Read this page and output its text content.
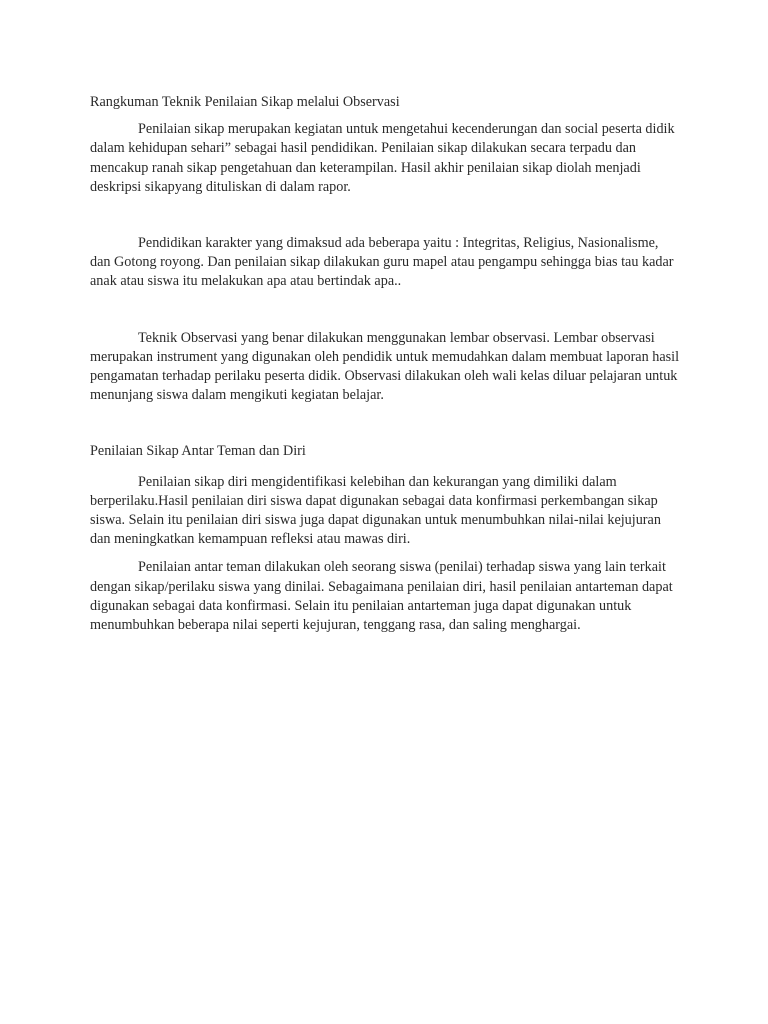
Rangkuman Teknik Penilaian Sikap melalui Observasi

Penilaian sikap merupakan kegiatan untuk mengetahui kecenderungan dan social peserta didik dalam kehidupan sehari” sebagai hasil pendidikan. Penilaian sikap dilakukan secara terpadu dan mencakup ranah sikap pengetahuan dan keterampilan. Hasil akhir penilaian sikap diolah menjadi deskripsi sikapyang dituliskan di dalam rapor.

Pendidikan karakter yang dimaksud ada beberapa yaitu : Integritas, Religius, Nasionalisme, dan Gotong royong. Dan penilaian sikap dilakukan guru mapel atau pengampu sehingga bias tau kadar anak atau siswa itu melakukan apa atau bertindak apa..

Teknik Observasi yang benar dilakukan menggunakan lembar observasi. Lembar observasi merupakan instrument yang digunakan oleh pendidik untuk memudahkan dalam membuat laporan hasil pengamatan terhadap perilaku peserta didik. Observasi dilakukan oleh wali kelas diluar pelajaran untuk menunjang siswa dalam mengikuti kegiatan belajar.

Penilaian Sikap Antar Teman dan Diri

Penilaian sikap diri mengidentifikasi kelebihan dan kekurangan yang dimiliki dalam berperilaku.Hasil penilaian diri siswa dapat digunakan sebagai data konfirmasi perkembangan sikap siswa. Selain itu penilaian diri siswa juga dapat digunakan untuk menumbuhkan nilai-nilai kejujuran dan meningkatkan kemampuan refleksi atau mawas diri.

Penilaian antar teman dilakukan oleh seorang siswa (penilai) terhadap siswa yang lain terkait dengan sikap/perilaku siswa yang dinilai. Sebagaimana penilaian diri, hasil penilaian antarteman dapat digunakan sebagai data konfirmasi. Selain itu penilaian antarteman juga dapat digunakan untuk menumbuhkan beberapa nilai seperti kejujuran, tenggang rasa, dan saling menghargai.
